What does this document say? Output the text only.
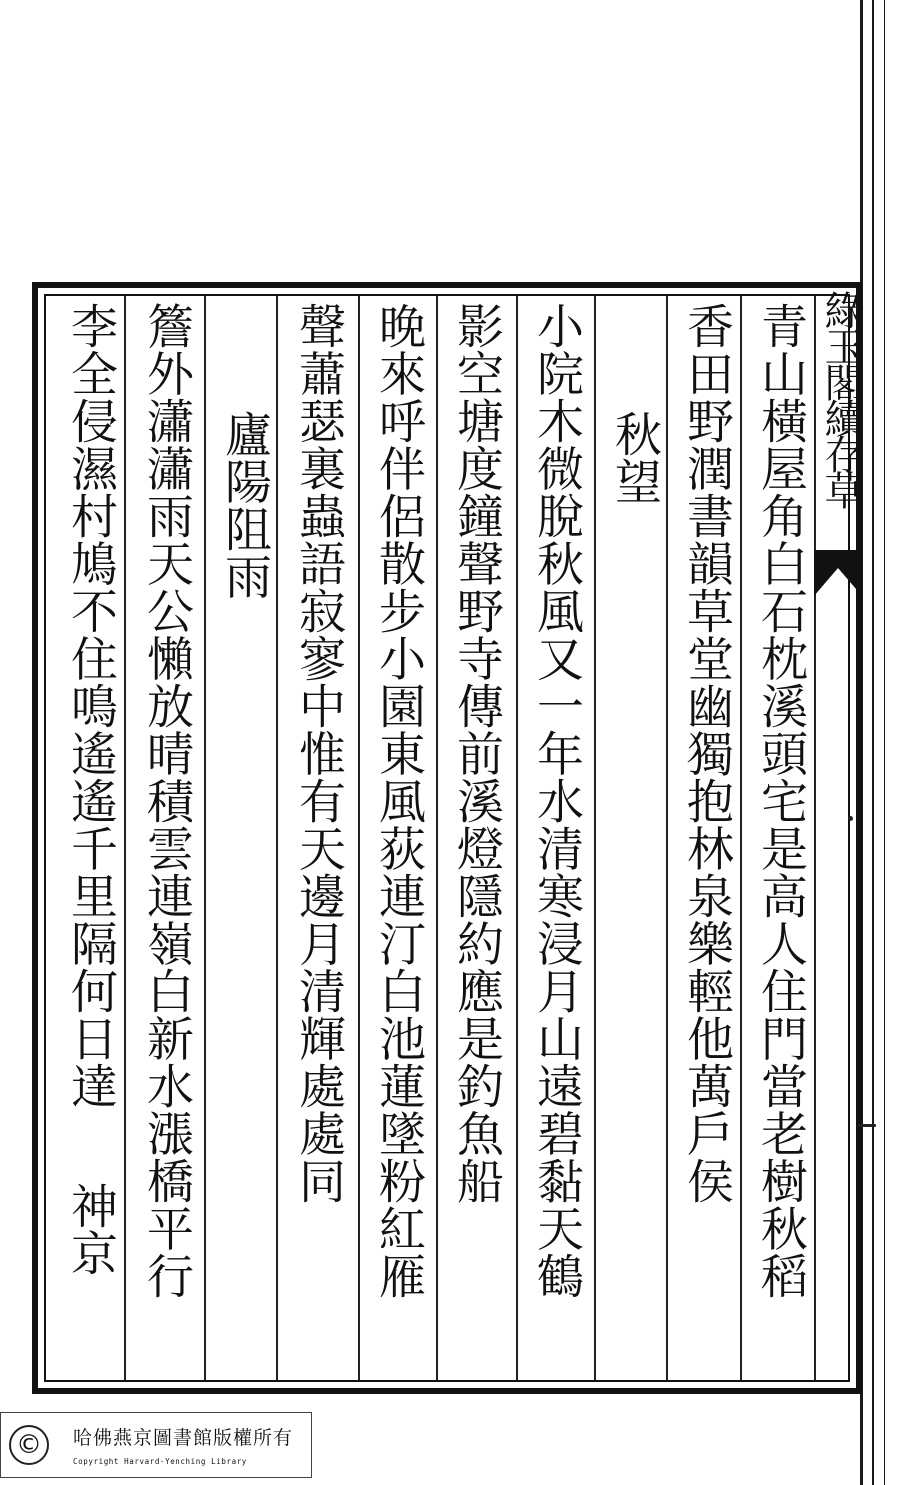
綠玉閣續存草
青山橫屋角白石枕溪頭宅是高人住門當老樹秋稻
香田野潤書韻草堂幽獨抱林泉樂輕他萬戶侯
秋望
小院木微脫秋風又一年水清寒浸月山遠碧黏天鶴
影空塘度鐘聲野寺傳前溪燈隱約應是釣魚船
晚來呼伴侶散步小園東風荻連汀白池蓮墜粉紅雁
聲蕭瑟裏蟲語寂寥中惟有天邊月清輝處處同
廬陽阻雨
簷外瀟瀟雨天公懶放晴積雲連嶺白新水漲橋平行
李全侵濕村鳩不住鳴遙遙千里隔何日達
神京
©	哈佛燕京圖書館版權所有
Copyright Harvard-Yenching Library
